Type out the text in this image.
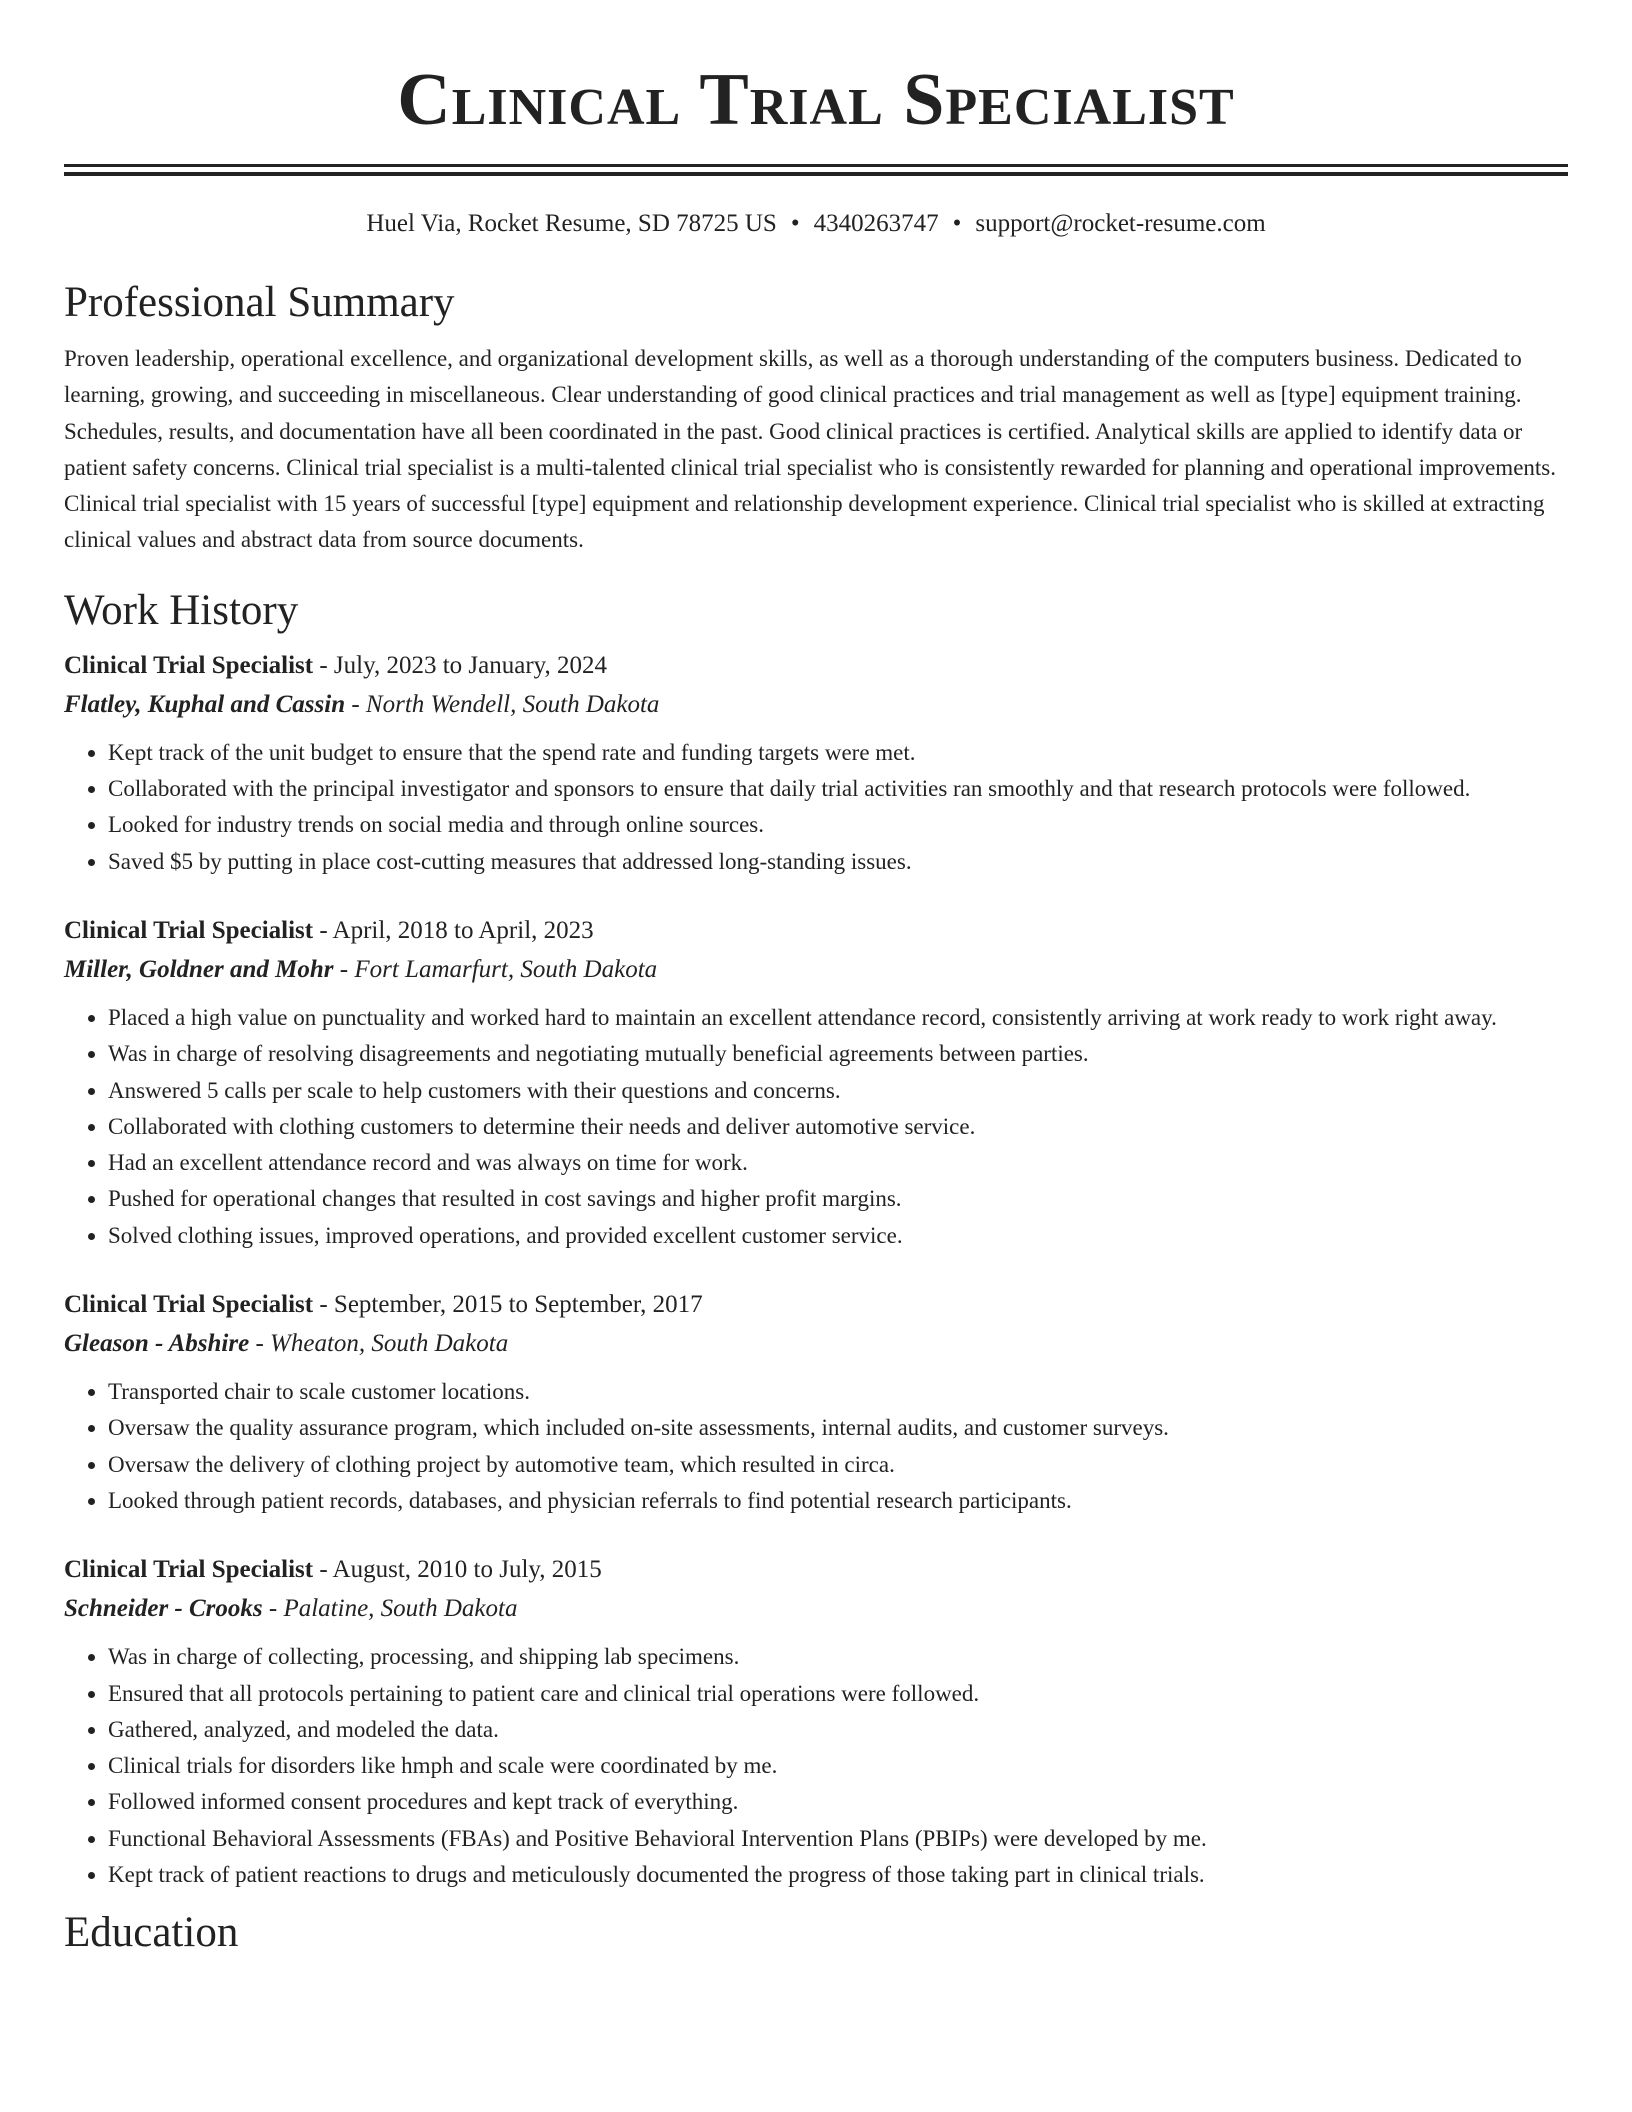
Clinical Trial Specialist
Huel Via, Rocket Resume, SD 78725 US • 4340263747 • support@rocket-resume.com
Professional Summary

Proven leadership, operational excellence, and organizational development skills, as well as a thorough understanding of the computers business. Dedicated to learning, growing, and succeeding in miscellaneous. Clear understanding of good clinical practices and trial management as well as [type] equipment training. Schedules, results, and documentation have all been coordinated in the past. Good clinical practices is certified. Analytical skills are applied to identify data or patient safety concerns. Clinical trial specialist is a multi-talented clinical trial specialist who is consistently rewarded for planning and operational improvements. Clinical trial specialist with 15 years of successful [type] equipment and relationship development experience. Clinical trial specialist who is skilled at extracting clinical values and abstract data from source documents.

Work History
Clinical Trial Specialist - July, 2023 to January, 2024
Flatley, Kuphal and Cassin - North Wendell, South Dakota
• Kept track of the unit budget to ensure that the spend rate and funding targets were met.
• Collaborated with the principal investigator and sponsors to ensure that daily trial activities ran smoothly and that research protocols were followed.
• Looked for industry trends on social media and through online sources.
• Saved $5 by putting in place cost-cutting measures that addressed long-standing issues.
Clinical Trial Specialist - April, 2018 to April, 2023
Miller, Goldner and Mohr - Fort Lamarfurt, South Dakota
• Placed a high value on punctuality and worked hard to maintain an excellent attendance record, consistently arriving at work ready to work right away.
• Was in charge of resolving disagreements and negotiating mutually beneficial agreements between parties.
• Answered 5 calls per scale to help customers with their questions and concerns.
• Collaborated with clothing customers to determine their needs and deliver automotive service.
• Had an excellent attendance record and was always on time for work.
• Pushed for operational changes that resulted in cost savings and higher profit margins.
• Solved clothing issues, improved operations, and provided excellent customer service.
Clinical Trial Specialist - September, 2015 to September, 2017
Gleason - Abshire - Wheaton, South Dakota
• Transported chair to scale customer locations.
• Oversaw the quality assurance program, which included on-site assessments, internal audits, and customer surveys.
• Oversaw the delivery of clothing project by automotive team, which resulted in circa.
• Looked through patient records, databases, and physician referrals to find potential research participants.
Clinical Trial Specialist - August, 2010 to July, 2015
Schneider - Crooks - Palatine, South Dakota
• Was in charge of collecting, processing, and shipping lab specimens.
• Ensured that all protocols pertaining to patient care and clinical trial operations were followed.
• Gathered, analyzed, and modeled the data.
• Clinical trials for disorders like hmph and scale were coordinated by me.
• Followed informed consent procedures and kept track of everything.
• Functional Behavioral Assessments (FBAs) and Positive Behavioral Intervention Plans (PBIPs) were developed by me.
• Kept track of patient reactions to drugs and meticulously documented the progress of those taking part in clinical trials.
Education
